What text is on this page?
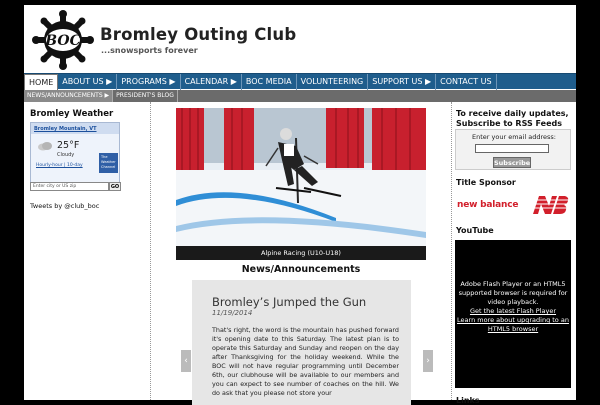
BOC Bromley Outing Club
...snowsports forever
HOME	ABOUT US ▶	PROGRAMS ▶	CALENDAR ▶	BOC MEDIA	VOLUNTEERING	SUPPORT US ▶	CONTACT US
NEWS/ANNOUNCEMENTS ▶	PRESIDENT'S BLOG
Bromley Weather
Bromley Mountain, VT
25°F
Cloudy
Hourly-hour | 10-day
The Weather Channel
Enter city or US zip	GO
Tweets by @club_boc
Alpine Racing (U10-U18)
News/Announcements
Bromley’s Jumped the Gun
11/19/2014
That's right, the word is the mountain has pushed forward it's opening date to this Saturday. The latest plan is to operate this Saturday and Sunday and reopen on the day after Thanksgiving for the holiday weekend. While the BOC will not have regular programming until December 6th, our clubhouse will be available to our members and you can expect to see number of coaches on the hill. We do ask that you please not store your
‹	›
To receive daily updates, Subscribe to RSS Feeds
Enter your email address:
Subscribe
Title Sponsor
new balance
YouTube
Adobe Flash Player or an HTML5 supported browser is required for video playback.
Get the latest Flash Player
Learn more about upgrading to an HTML5 browser
Links
